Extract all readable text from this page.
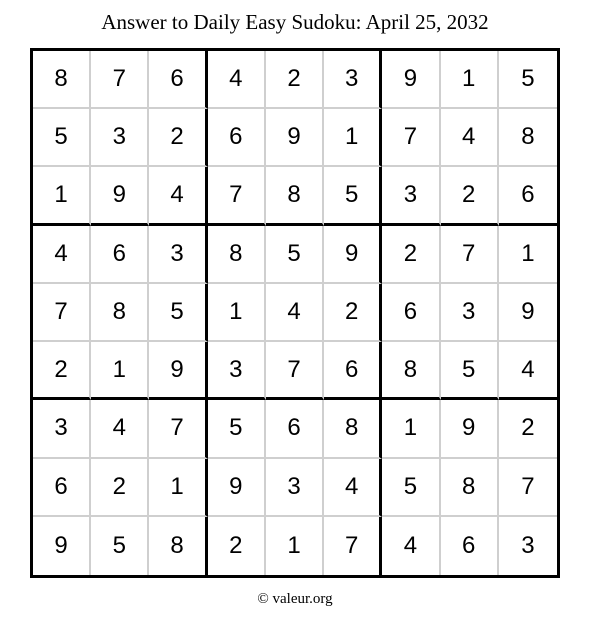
Answer to Daily Easy Sudoku: April 25, 2032
8	7	6	4	2	3	9	1	5
5	3	2	6	9	1	7	4	8
1	9	4	7	8	5	3	2	6
4	6	3	8	5	9	2	7	1
7	8	5	1	4	2	6	3	9
2	1	9	3	7	6	8	5	4
3	4	7	5	6	8	1	9	2
6	2	1	9	3	4	5	8	7
9	5	8	2	1	7	4	6	3
© valeur.org
